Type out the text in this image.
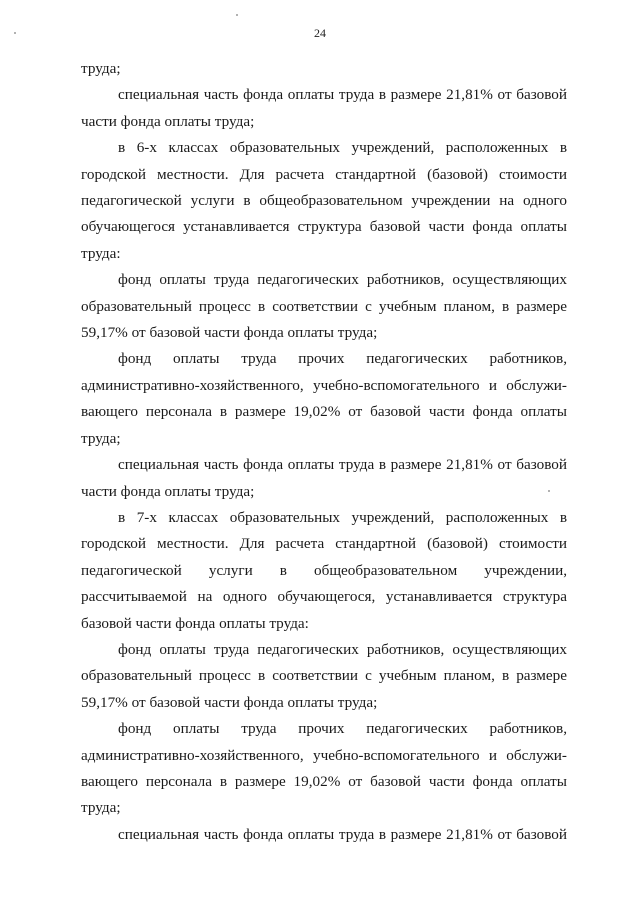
24

труда;

специальная часть фонда оплаты труда в размере 21,81% от базовой части фонда оплаты труда;

в 6-х классах образовательных учреждений, расположенных в городской местности. Для расчета стандартной (базовой) стоимости педагогической услуги в общеобразовательном учреждении на одного обучающегося устанавливается структура базовой части фонда оплаты труда:

фонд оплаты труда педагогических работников, осуществляющих образовательный процесс в соответствии с учебным планом, в размере 59,17% от базовой части фонда оплаты труда;

фонд оплаты труда прочих педагогических работников, административно-хозяйственного, учебно-вспомогательного и обслужи-вающего персонала в размере 19,02% от базовой части фонда оплаты труда;

специальная часть фонда оплаты труда в размере 21,81% от базовой части фонда оплаты труда;

в 7-х классах образовательных учреждений, расположенных в городской местности. Для расчета стандартной (базовой) стоимости педагогической услуги в общеобразовательном учреждении, рассчитываемой на одного обучающегося, устанавливается структура базовой части фонда оплаты труда:

фонд оплаты труда педагогических работников, осуществляющих образовательный процесс в соответствии с учебным планом, в размере 59,17% от базовой части фонда оплаты труда;

фонд оплаты труда прочих педагогических работников, административно-хозяйственного, учебно-вспомогательного и обслужи-вающего персонала в размере 19,02% от базовой части фонда оплаты труда;

специальная часть фонда оплаты труда в размере 21,81% от базовой
